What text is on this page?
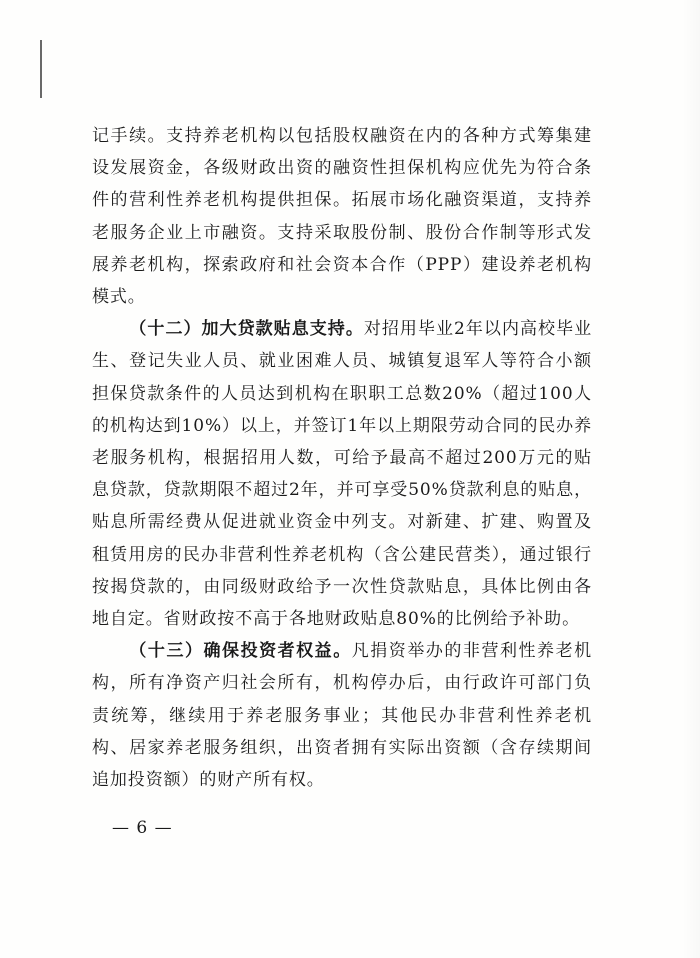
记手续。支持养老机构以包括股权融资在内的各种方式筹集建设发展资金，各级财政出资的融资性担保机构应优先为符合条件的营利性养老机构提供担保。拓展市场化融资渠道，支持养老服务企业上市融资。支持采取股份制、股份合作制等形式发展养老机构，探索政府和社会资本合作（PPP）建设养老机构模式。

（十二）加大贷款贴息支持。对招用毕业2年以内高校毕业生、登记失业人员、就业困难人员、城镇复退军人等符合小额担保贷款条件的人员达到机构在职职工总数20%（超过100人的机构达到10%）以上，并签订1年以上期限劳动合同的民办养老服务机构，根据招用人数，可给予最高不超过200万元的贴息贷款，贷款期限不超过2年，并可享受50%贷款利息的贴息，贴息所需经费从促进就业资金中列支。对新建、扩建、购置及租赁用房的民办非营利性养老机构（含公建民营类），通过银行按揭贷款的，由同级财政给予一次性贷款贴息，具体比例由各地自定。省财政按不高于各地财政贴息80%的比例给予补助。

（十三）确保投资者权益。凡捐资举办的非营利性养老机构，所有净资产归社会所有，机构停办后，由行政许可部门负责统筹，继续用于养老服务事业；其他民办非营利性养老机构、居家养老服务组织，出资者拥有实际出资额（含存续期间追加投资额）的财产所有权。

— 6 —
